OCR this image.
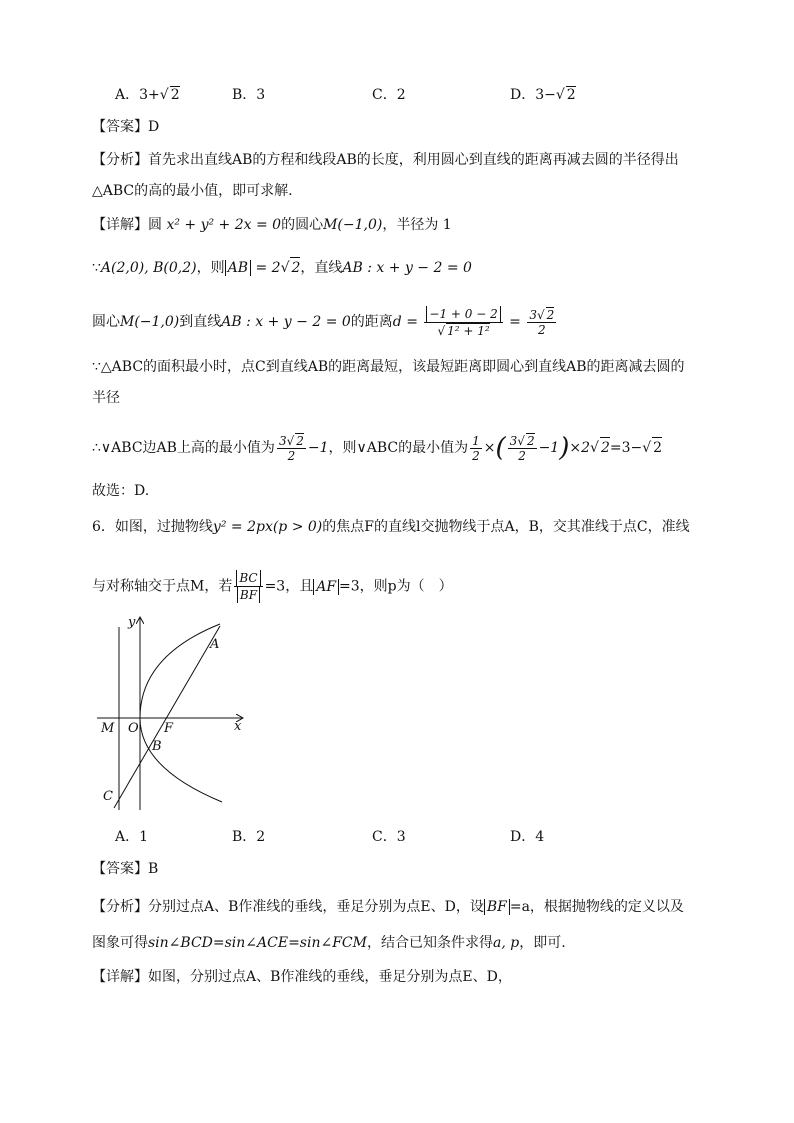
A．3+√ 2	B．3	C．2	D．3−√ 2
【答案】D
【分析】首先求出直线AB的方程和线段AB的长度，利用圆心到直线的距离再减去圆的半径得出
△ABC的高的最小值，即可求解.
【详解】圆 x² + y² + 2x = 0的圆心M(−1,0)，半径为 1
∵A(2,0), B(0,2)，则 AB = 2√ 2，直线AB : x + y − 2 = 0
圆心M(−1,0)到直线AB : x + y − 2 = 0的距离$d = \frac{-1 + 0 - 2}{\text{√ 1² + 1²}} = \frac{3√ 2}{2}$
∵△ABC的面积最小时，点C到直线AB的距离最短，该最短距离即圆心到直线AB的距离减去圆的
半径
∴∨ABC边AB上高的最小值为 $\frac{3√ 2}{2} -1$，则∨ABC的最小值为 $\frac{1}{2}$ ×( $\frac{3√ 2}{2} -1)\times 2√$ 2=3−√ 2
故选：D.
6．如图，过抛物线y² = 2px(p > 0)的焦点F的直线l交抛物线于点A，B，交其准线于点C，准线
与对称轴交于点M，若 $\frac{BC}{BF} =3$，且 AF =3，则p为（　）
y
x
A
M O F
B
C
A．1	B．2	C．3	D．4
【答案】B
【分析】分别过点A、B作准线的垂线，垂足分别为点E、D，设 BF =a，根据抛物线的定义以及
图象可得sin∠BCD=sin∠ACE=sin∠FCM，结合已知条件求得a, p，即可.
【详解】如图，分别过点A、B作准线的垂线，垂足分别为点E、D，
